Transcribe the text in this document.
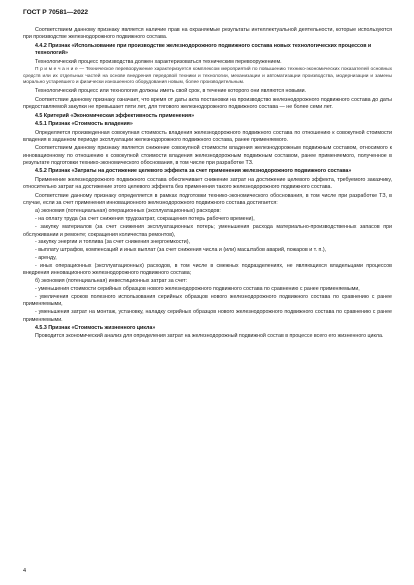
ГОСТ Р 70581—2022

Соответствием данному признаку является наличие прав на охраняемые результаты интеллектуальной деятельности, которые используются при производстве железнодорожного подвижного состава.

4.4.2 Признак «Использование при производстве железнодорожного подвижного состава новых технологических процессов и технологий»

Технологический процесс производства должен характеризоваться техническим перевооружением.

П р и м е ч а н и е — Техническое перевооружение характеризуется комплексом мероприятий по повышению технико-экономических показателей основных средств или их отдельных частей на основе внедрения передовой техники и технологии, механизации и автоматизации производства, модернизации и замены морально устаревшего и физически изношенного оборудования новым, более производительным.

Технологический процесс или технология должны иметь свой срок, в течение которого они являются новыми.

Соответствие данному признаку означает, что время от даты акта постановки на производство железнодорожного подвижного состава до даты предоставляемой закупки не превышает пяти лет, для тягового железнодорожного подвижного состава — не более семи лет.

4.5 Критерий «Экономическая эффективность применения»
4.5.1 Признак «Стоимость владения»

Определяется произведенная совокупная стоимость владения железнодорожного подвижного состава по отношению к совокупной стоимости владения в заданном периоде эксплуатации железнодорожного подвижного состава, ранее применяемого.

Соответствием данному признаку является снижение совокупной стоимости владения железнодорожным подвижным составом, относимого к инновационному по отношению к совокупной стоимости владения железнодорожным подвижным составом, ранее применяемого, полученное в результате подготовки технико-экономического обоснования, в том числе при разработке ТЗ.

4.5.2 Признак «Затраты на достижение целевого эффекта за счет применения железнодорожного подвижного состава»

Применение железнодорожного подвижного состава обеспечивает снижение затрат на достижение целевого эффекта, требуемого заказчику, относительно затрат на достижение этого целевого эффекта без применения такого железнодорожного подвижного состава.

Соответствие данному признаку определяется в рамках подготовки технико-экономического обоснования, в том числе при разработке ТЗ, в случае, если за счет применения инновационного железнодорожного подвижного состава достигается:

а) экономия (потенциальная) операционных (эксплуатационных) расходов:

- на оплату труда (за счет снижения трудозатрат, сокращения потерь рабочего времени),

- закупку материалов (за счет снижения эксплуатационных потерь; уменьшения расхода материально-производственных запасов при обслуживании и ремонте; сокращения количества ремонтов),

- закупку энергии и топлива (за счет снижения энергоемкости),

- выплату штрафов, компенсаций и иных выплат (за счет снижения числа и (или) масштабов аварий, пожаров и т. п.),

- аренду,

- иных операционных (эксплуатационных) расходов, в том числе в смежных подразделениях, не являющихся владельцами процессов внедрения инновационного железнодорожного подвижного состава;

б) экономия (потенциальная) инвестиционных затрат за счет:

- уменьшения стоимости серийных образцов нового железнодорожного подвижного состава по сравнению с ранее применяемыми,

- увеличения сроков полезного использования серийных образцов нового железнодорожного подвижного состава по сравнению с ранее применяемыми,

- уменьшения затрат на монтаж, установку, наладку серийных образцов нового железнодорожного подвижного состава по сравнению с ранее применяемыми.

4.5.3 Признак «Стоимость жизненного цикла»

Проводится экономический анализ для определения затрат на железнодорожный подвижной состав в процессе всего его жизненного цикла.

4
